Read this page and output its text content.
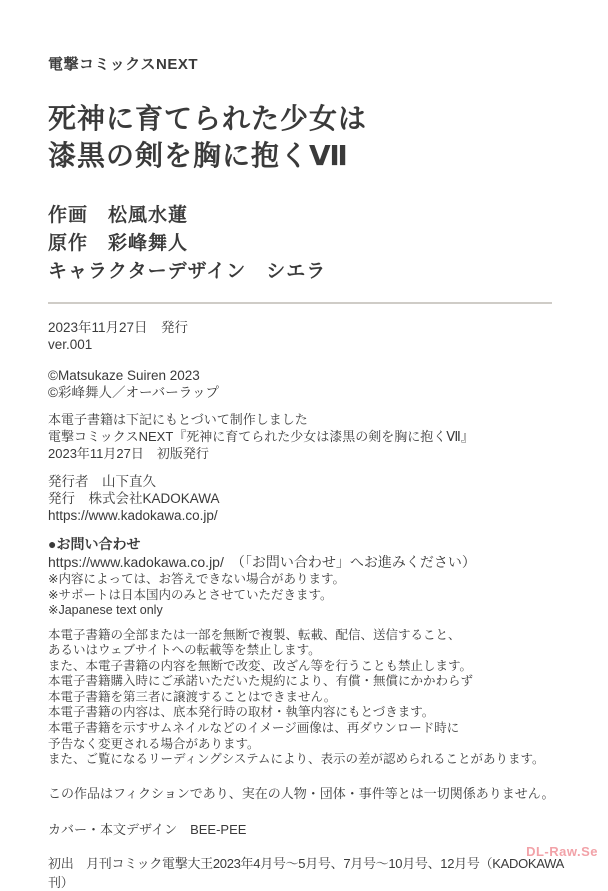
電撃コミックスNEXT
死神に育てられた少女は
漆黒の剣を胸に抱くⅦ
作画　松風水蓮
原作　彩峰舞人
キャラクターデザイン　シエラ
2023年11月27日　発行
ver.001
©Matsukaze Suiren 2023
©彩峰舞人／オーバーラップ
本電子書籍は下記にもとづいて制作しました
電撃コミックスNEXT『死神に育てられた少女は漆黒の剣を胸に抱くⅦ』
2023年11月27日　初版発行
発行者　山下直久
発行　株式会社KADOKAWA
https://www.kadokawa.co.jp/
●お問い合わせ
https://www.kadokawa.co.jp/　（「お問い合わせ」へお進みください）
※内容によっては、お答えできない場合があります。
※サポートは日本国内のみとさせていただきます。
※Japanese text only
本電子書籍の全部または一部を無断で複製、転載、配信、送信すること、
あるいはウェブサイトへの転載等を禁止します。
また、本電子書籍の内容を無断で改変、改ざん等を行うことも禁止します。
本電子書籍購入時にご承諾いただいた規約により、有償・無償にかかわらず
本電子書籍を第三者に譲渡することはできません。
本電子書籍の内容は、底本発行時の取材・執筆内容にもとづきます。
本電子書籍を示すサムネイルなどのイメージ画像は、再ダウンロード時に
予告なく変更される場合があります。
また、ご覧になるリーディングシステムにより、表示の差が認められることがあります。
この作品はフィクションであり、実在の人物・団体・事件等とは一切関係ありません。
カバー・本文デザイン　BEE-PEE
初出　月刊コミック電撃大王2023年4月号～5月号、7月号～10月号、12月号（KADOKAWA刊）
DL-Raw.Se
